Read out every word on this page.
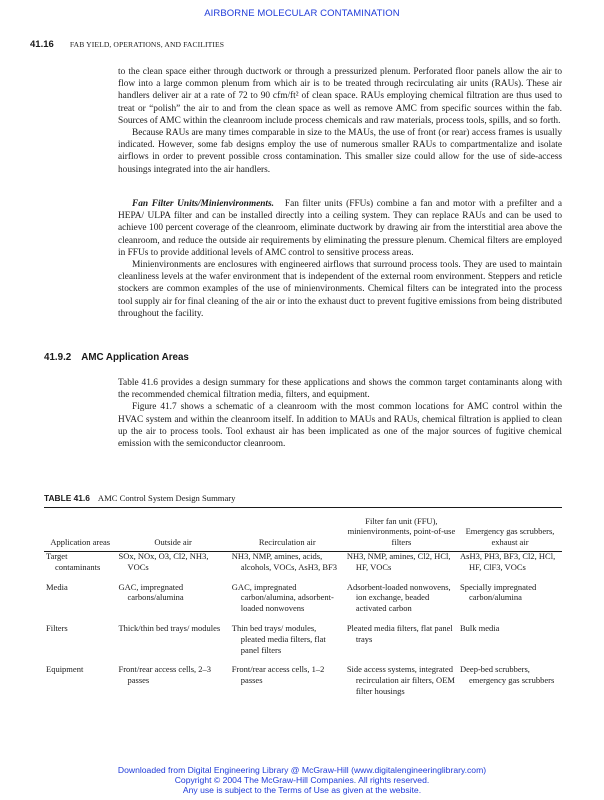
AIRBORNE MOLECULAR CONTAMINATION
41.16 FAB YIELD, OPERATIONS, AND FACILITIES

to the clean space either through ductwork or through a pressurized plenum. Perforated floor panels allow the air to flow into a large common plenum from which air is to be treated through recirculating air units (RAUs). These air handlers deliver air at a rate of 72 to 90 cfm/ft² of clean space. RAUs employing chemical filtration are thus used to treat or “polish” the air to and from the clean space as well as remove AMC from specific sources within the fab. Sources of AMC within the cleanroom include process chemicals and raw materials, process tools, spills, and so forth.

Because RAUs are many times comparable in size to the MAUs, the use of front (or rear) access frames is usually indicated. However, some fab designs employ the use of numerous smaller RAUs to compartmentalize and isolate airflows in order to prevent possible cross contamination. This smaller size could allow for the use of side-access housings integrated into the air handlers.

Fan Filter Units/Minienvironments. Fan filter units (FFUs) combine a fan and motor with a prefilter and a HEPA/ ULPA filter and can be installed directly into a ceiling system. They can replace RAUs and can be used to achieve 100 percent coverage of the cleanroom, eliminate ductwork by drawing air from the interstitial area above the cleanroom, and reduce the outside air requirements by eliminating the pressure plenum. Chemical filters are employed in FFUs to provide additional levels of AMC control to sensitive process areas.

Minienvironments are enclosures with engineered airflows that surround process tools. They are used to maintain cleanliness levels at the wafer environment that is independent of the external room environment. Steppers and reticle stockers are common examples of the use of minienvironments. Chemical filters can be integrated into the process tool supply air for final cleaning of the air or into the exhaust duct to prevent fugitive emissions from being distributed throughout the facility.

41.9.2 AMC Application Areas

Table 41.6 provides a design summary for these applications and shows the common target contaminants along with the recommended chemical filtration media, filters, and equipment.

Figure 41.7 shows a schematic of a cleanroom with the most common locations for AMC control within the HVAC system and within the cleanroom itself. In addition to MAUs and RAUs, chemical filtration is applied to clean up the air to process tools. Tool exhaust air has been implicated as one of the major sources of fugitive chemical emission with the semiconductor cleanroom.

TABLE 41.6 AMC Control System Design Summary
Application areas	Outside air	Recirculation air	Filter fan unit (FFU), minienvironments, point-of-use filters	Emergency gas scrubbers, exhaust air

Target contaminants	SOx, NOx, O3, Cl2, NH3, VOCs	NH3, NMP, amines, acids, alcohols, VOCs, AsH3, BF3	NH3, NMP, amines, Cl2, HCl, HF, VOCs	AsH3, PH3, BF3, Cl2, HCl, HF, ClF3, VOCs

Media	GAC, impregnated carbons/alumina	GAC, impregnated carbon/alumina, adsorbent-loaded nonwovens	Adsorbent-loaded nonwovens, ion exchange, beaded activated carbon	Specially impregnated carbon/alumina

Filters	Thick/thin bed trays/ modules	Thin bed trays/ modules, pleated media filters, flat panel filters	Pleated media filters, flat panel trays	Bulk media

Equipment	Front/rear access cells, 2–3 passes	Front/rear access cells, 1–2 passes	Side access systems, integrated recirculation air filters, OEM filter housings	Deep-bed scrubbers, emergency gas scrubbers
Downloaded from Digital Engineering Library @ McGraw-Hill (www.digitalengineeringlibrary.com)
Copyright © 2004 The McGraw-Hill Companies. All rights reserved.
Any use is subject to the Terms of Use as given at the website.
